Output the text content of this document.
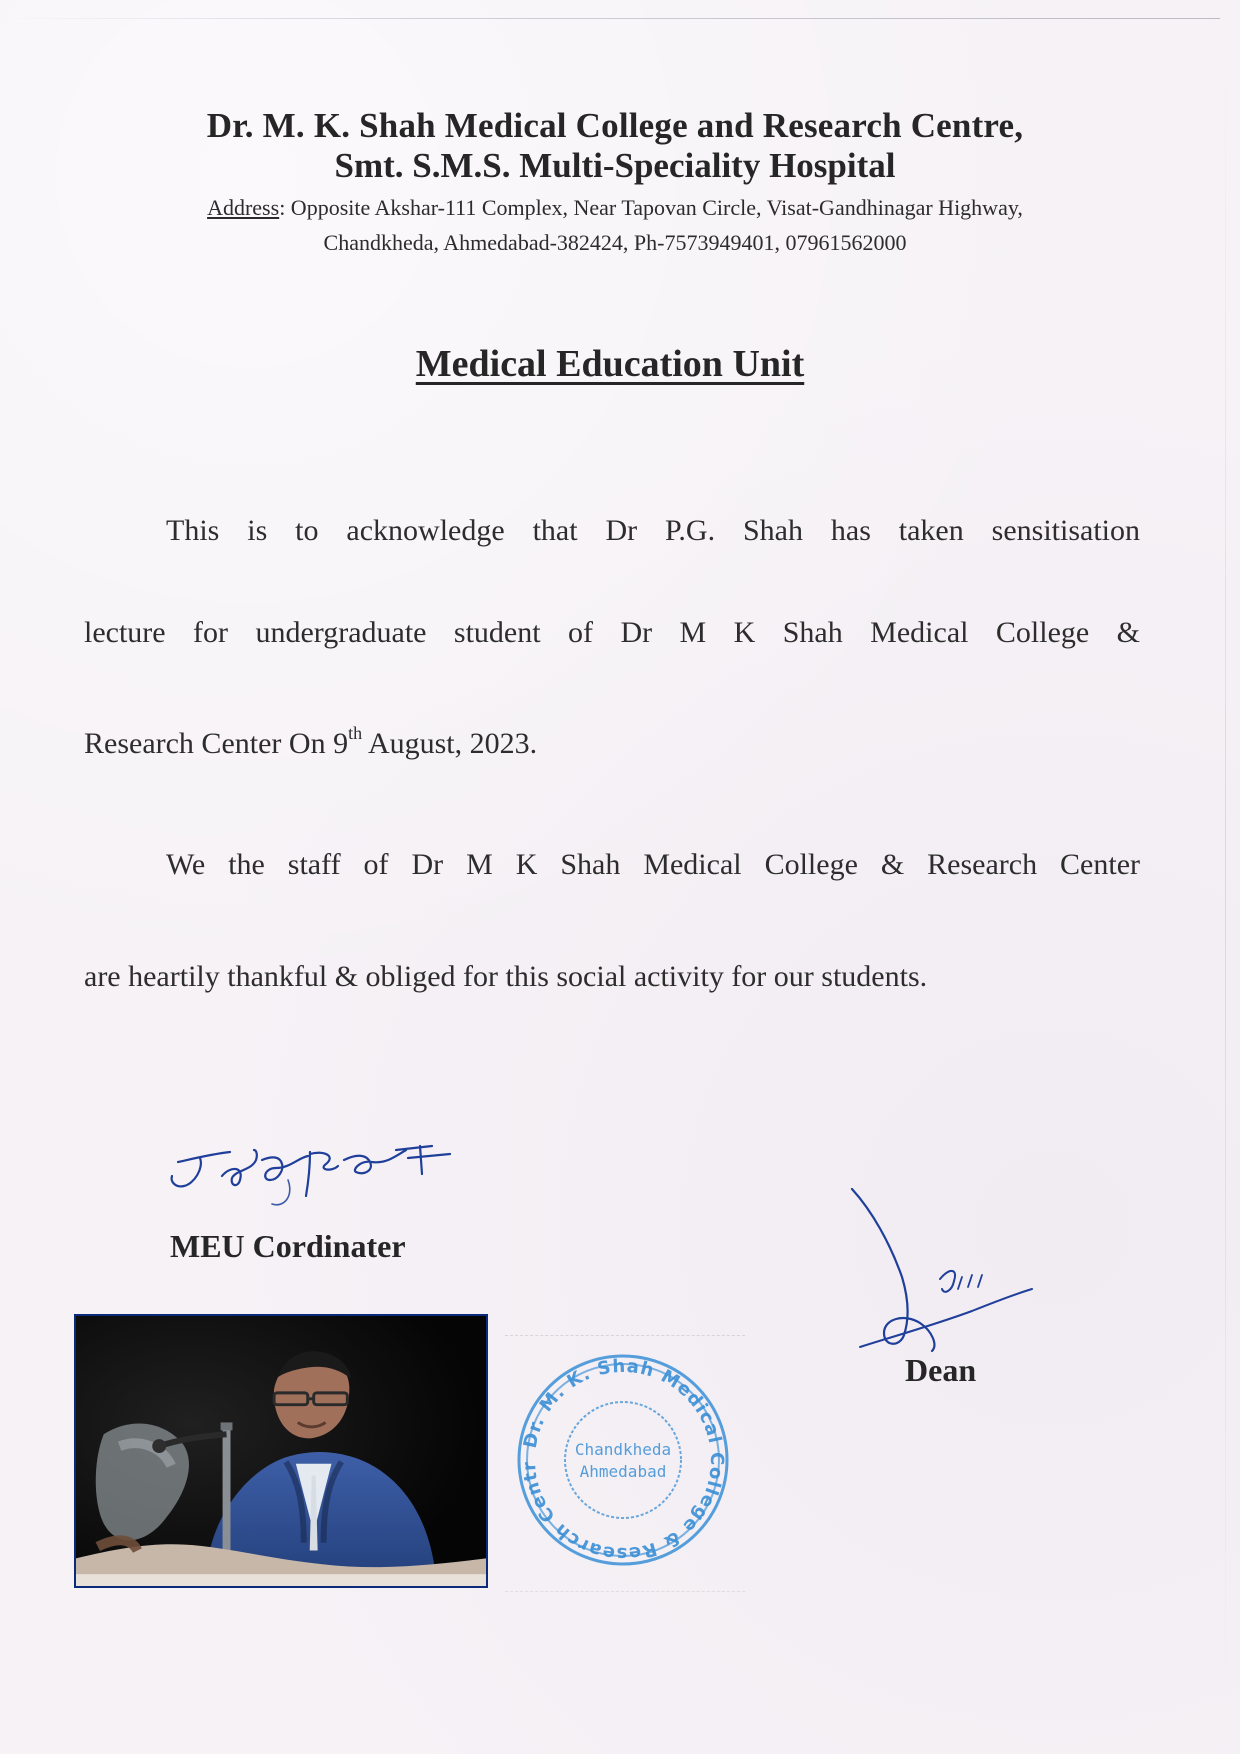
Dr. M. K. Shah Medical College and Research Centre,
Smt. S.M.S. Multi-Speciality Hospital
Address: Opposite Akshar-111 Complex, Near Tapovan Circle, Visat-Gandhinagar Highway,
Chandkheda, Ahmedabad-382424, Ph-7573949401, 07961562000
Medical Education Unit
This is to acknowledge that Dr P.G. Shah has taken sensitisation
lecture for undergraduate student of Dr M K Shah Medical College &
Research Center On 9th August, 2023.
We the staff of Dr M K Shah Medical College & Research Center
are heartily thankful & obliged for this social activity for our students.
MEU Cordinater
Dean
Dr. M. K. Shah Medical College & Research Centr
Chandkheda
Ahmedabad
